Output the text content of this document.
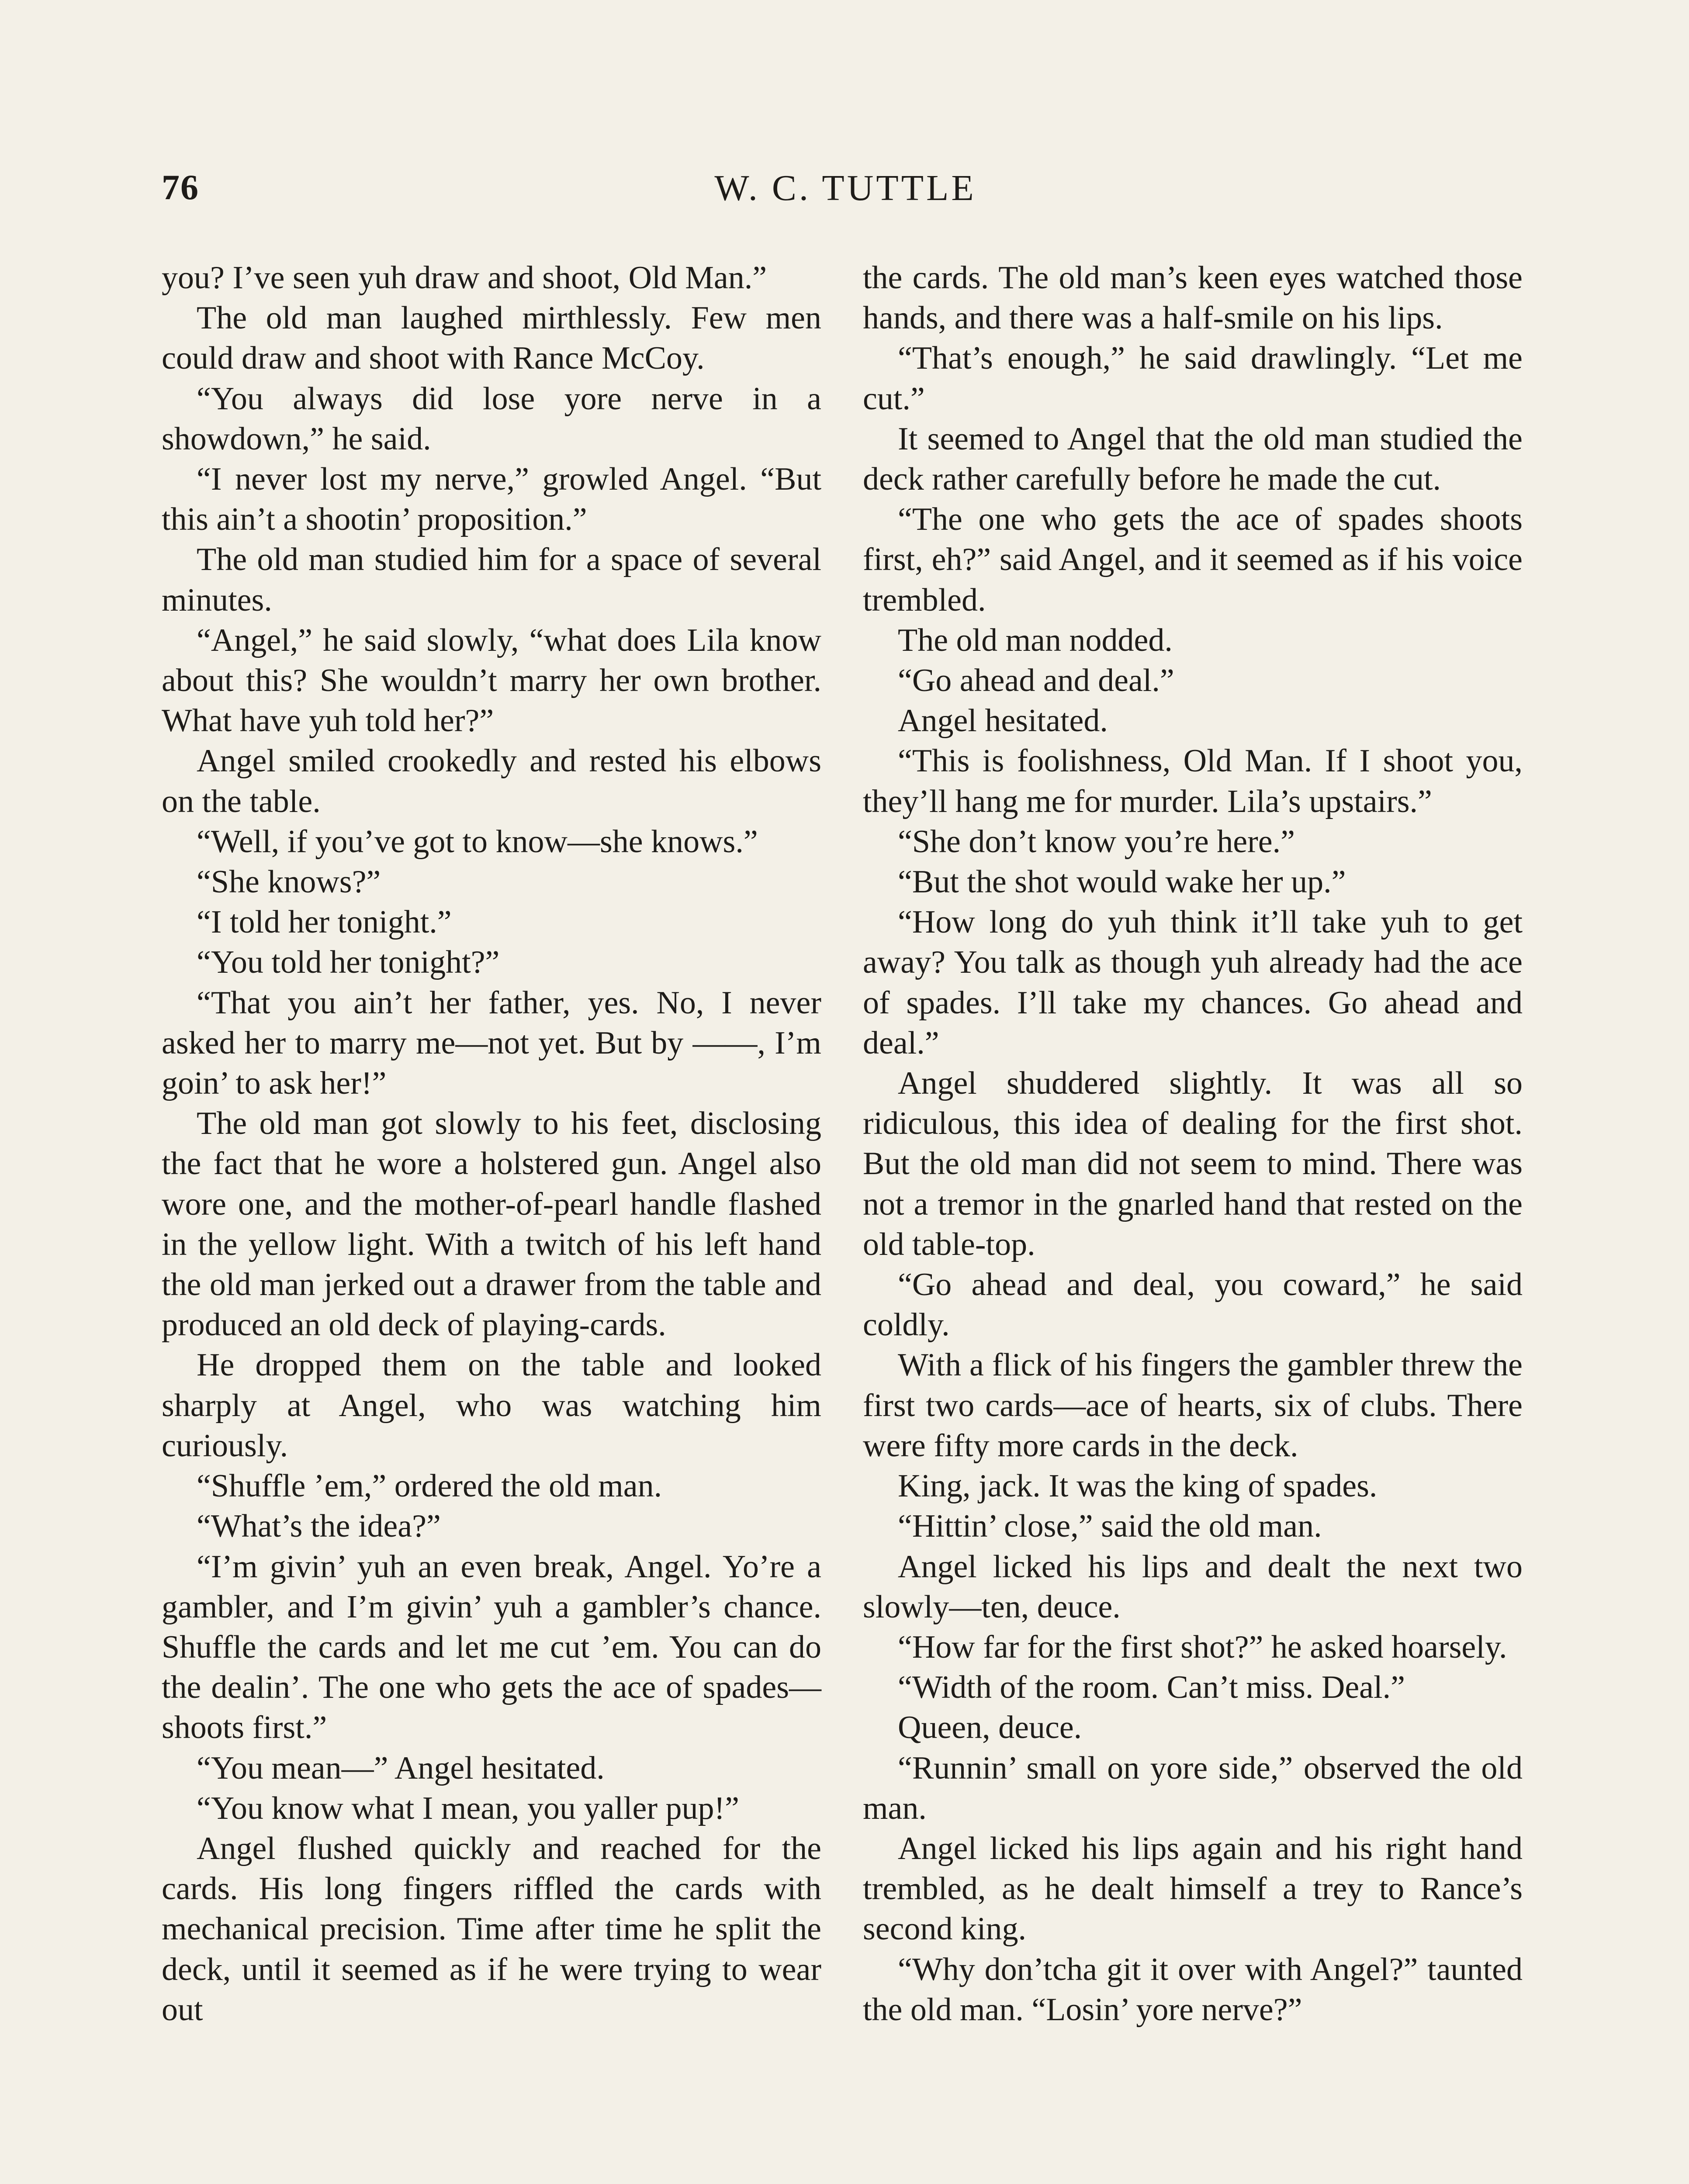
76	W. C. TUTTLE

you? I’ve seen yuh draw and shoot, Old Man.”

The old man laughed mirthlessly. Few men could draw and shoot with Rance McCoy.

“You always did lose yore nerve in a showdown,” he said.

“I never lost my nerve,” growled Angel. “But this ain’t a shootin’ proposition.”

The old man studied him for a space of several minutes.

“Angel,” he said slowly, “what does Lila know about this? She wouldn’t marry her own brother. What have yuh told her?”

Angel smiled crookedly and rested his elbows on the table.

“Well, if you’ve got to know—she knows.”

“She knows?”

“I told her tonight.”

“You told her tonight?”

“That you ain’t her father, yes. No, I never asked her to marry me—not yet. But by ——, I’m goin’ to ask her!”

The old man got slowly to his feet, disclosing the fact that he wore a holstered gun. Angel also wore one, and the mother-of-pearl handle flashed in the yellow light. With a twitch of his left hand the old man jerked out a drawer from the table and produced an old deck of playing-cards.

He dropped them on the table and looked sharply at Angel, who was watching him curiously.

“Shuffle ’em,” ordered the old man.

“What’s the idea?”

“I’m givin’ yuh an even break, Angel. Yo’re a gambler, and I’m givin’ yuh a gambler’s chance. Shuffle the cards and let me cut ’em. You can do the dealin’. The one who gets the ace of spades—shoots first.”

“You mean—” Angel hesitated.

“You know what I mean, you yaller pup!”

Angel flushed quickly and reached for the cards. His long fingers riffled the cards with mechanical precision. Time after time he split the deck, until it seemed as if he were trying to wear out

the cards. The old man’s keen eyes watched those hands, and there was a half-smile on his lips.

“That’s enough,” he said drawlingly. “Let me cut.”

It seemed to Angel that the old man studied the deck rather carefully before he made the cut.

“The one who gets the ace of spades shoots first, eh?” said Angel, and it seemed as if his voice trembled.

The old man nodded.

“Go ahead and deal.”

Angel hesitated.

“This is foolishness, Old Man. If I shoot you, they’ll hang me for murder. Lila’s upstairs.”

“She don’t know you’re here.”

“But the shot would wake her up.”

“How long do yuh think it’ll take yuh to get away? You talk as though yuh already had the ace of spades. I’ll take my chances. Go ahead and deal.”

Angel shuddered slightly. It was all so ridiculous, this idea of dealing for the first shot. But the old man did not seem to mind. There was not a tremor in the gnarled hand that rested on the old table-top.

“Go ahead and deal, you coward,” he said coldly.

With a flick of his fingers the gambler threw the first two cards—ace of hearts, six of clubs. There were fifty more cards in the deck.

King, jack. It was the king of spades.

“Hittin’ close,” said the old man.

Angel licked his lips and dealt the next two slowly—ten, deuce.

“How far for the first shot?” he asked hoarsely.

“Width of the room. Can’t miss. Deal.”

Queen, deuce.

“Runnin’ small on yore side,” observed the old man.

Angel licked his lips again and his right hand trembled, as he dealt himself a trey to Rance’s second king.

“Why don’tcha git it over with Angel?” taunted the old man. “Losin’ yore nerve?”
